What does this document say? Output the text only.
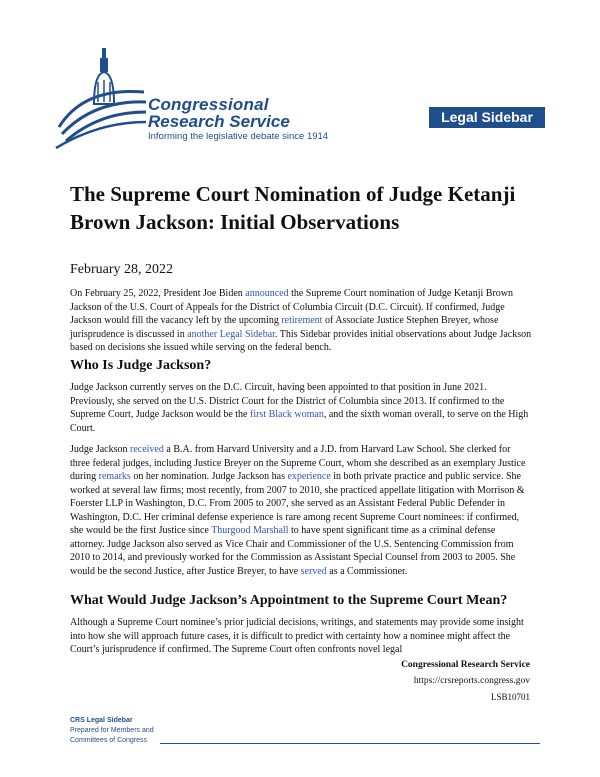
Congressional
Research Service
Informing the legislative debate since 1914
Legal Sidebar
The Supreme Court Nomination of Judge Ketanji Brown Jackson: Initial Observations
February 28, 2022

On February 25, 2022, President Joe Biden announced the Supreme Court nomination of Judge Ketanji Brown Jackson of the U.S. Court of Appeals for the District of Columbia Circuit (D.C. Circuit). If confirmed, Judge Jackson would fill the vacancy left by the upcoming retirement of Associate Justice Stephen Breyer, whose jurisprudence is discussed in another Legal Sidebar. This Sidebar provides initial observations about Judge Jackson based on decisions she issued while serving on the federal bench.

Who Is Judge Jackson?

Judge Jackson currently serves on the D.C. Circuit, having been appointed to that position in June 2021. Previously, she served on the U.S. District Court for the District of Columbia since 2013. If confirmed to the Supreme Court, Judge Jackson would be the first Black woman, and the sixth woman overall, to serve on the High Court.

Judge Jackson received a B.A. from Harvard University and a J.D. from Harvard Law School. She clerked for three federal judges, including Justice Breyer on the Supreme Court, whom she described as an exemplary Justice during remarks on her nomination. Judge Jackson has experience in both private practice and public service. She worked at several law firms; most recently, from 2007 to 2010, she practiced appellate litigation with Morrison & Foerster LLP in Washington, D.C. From 2005 to 2007, she served as an Assistant Federal Public Defender in Washington, D.C. Her criminal defense experience is rare among recent Supreme Court nominees: if confirmed, she would be the first Justice since Thurgood Marshall to have spent significant time as a criminal defense attorney. Judge Jackson also served as Vice Chair and Commissioner of the U.S. Sentencing Commission from 2010 to 2014, and previously worked for the Commission as Assistant Special Counsel from 2003 to 2005. She would be the second Justice, after Justice Breyer, to have served as a Commissioner.

What Would Judge Jackson’s Appointment to the Supreme Court Mean?

Although a Supreme Court nominee’s prior judicial decisions, writings, and statements may provide some insight into how she will approach future cases, it is difficult to predict with certainty how a nominee might affect the Court’s jurisprudence if confirmed. The Supreme Court often confronts novel legal

Congressional Research Service
https://crsreports.congress.gov
LSB10701
CRS Legal Sidebar
Prepared for Members and
Committees of Congress
